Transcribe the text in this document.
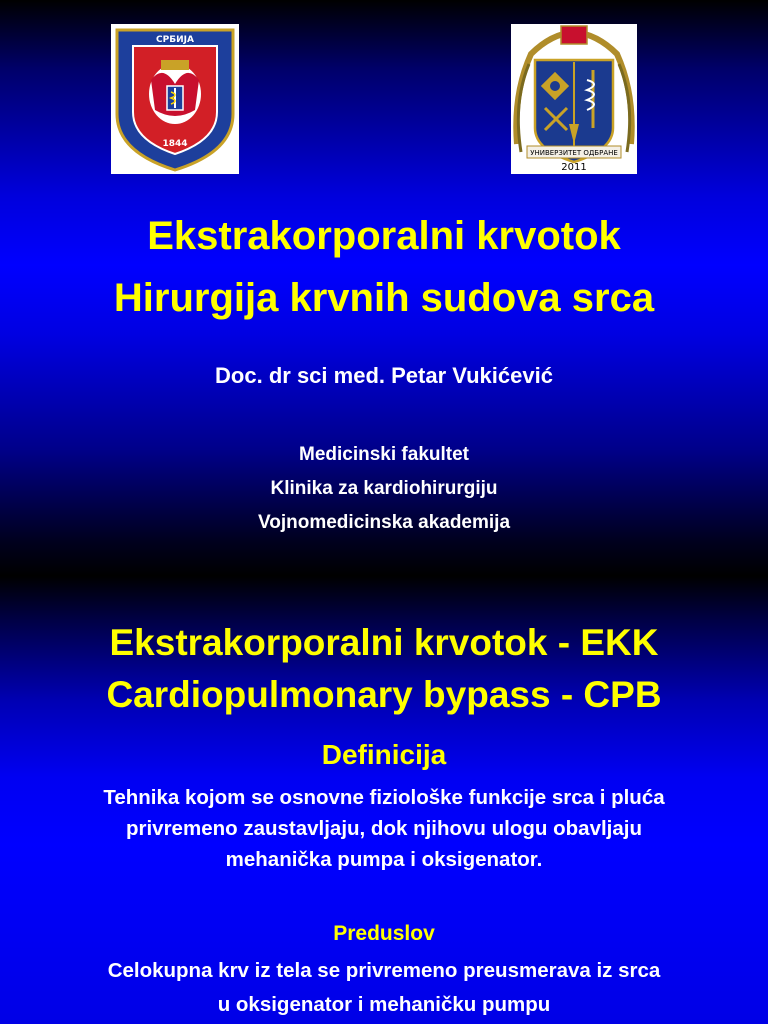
СРБИЈА
1844
УНИВЕРЗИТЕТ ОДБРАНЕ
2011
Ekstrakorporalni krvotok
Hirurgija krvnih sudova srca
Doc. dr sci med. Petar Vukićević
Medicinski fakultet
Klinika za kardiohirurgiju
Vojnomedicinska akademija
Ekstrakorporalni krvotok - EKK
Cardiopulmonary bypass - CPB
Definicija
Tehnika kojom se osnovne fiziološke funkcije srca i pluća
privremeno zaustavljaju, dok njihovu ulogu obavljaju
mehanička pumpa i oksigenator.
Preduslov
Celokupna krv iz tela se privremeno preusmerava iz srca
u oksigenator i mehaničku pumpu
